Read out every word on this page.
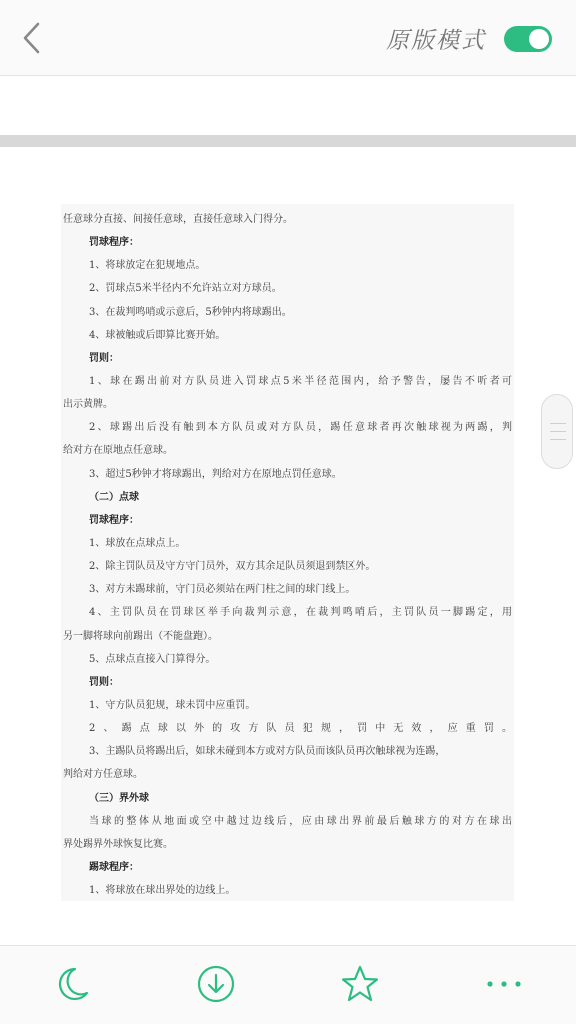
原版模式
任意球分直接、间接任意球，直接任意球入门得分。
罚球程序：
1、将球放定在犯规地点。
2、罚球点5米半径内不允许站立对方球员。
3、在裁判鸣哨或示意后，5秒钟内将球踢出。
4、球被触或后即算比赛开始。
罚则：
1、球在踢出前对方队员进入罚球点5米半径范围内，给予警告，屡告不听者可
出示黄牌。
2、球踢出后没有触到本方队员或对方队员，踢任意球者再次触球视为两踢，判
给对方在原地点任意球。
3、超过5秒钟才将球踢出，判给对方在原地点罚任意球。
（二）点球
罚球程序：
1、球放在点球点上。
2、除主罚队员及守方守门员外，双方其余足队员须退到禁区外。
3、对方未踢球前，守门员必须站在两门柱之间的球门线上。
4、主罚队员在罚球区举手向裁判示意，在裁判鸣哨后，主罚队员一脚踢定，用
另一脚将球向前踢出（不能盘跑）。
5、点球点直接入门算得分。
罚则：
1、守方队员犯规，球未罚中应重罚。
2、踢点球以外的攻方队员犯规，罚中无效，应重罚。
3、主踢队员将踢出后，如球未碰到本方或对方队员而该队员再次触球视为连踢，
判给对方任意球。
（三）界外球
当球的整体从地面或空中越过边线后，应由球出界前最后触球方的对方在球出
界处踢界外球恢复比赛。
踢球程序：
1、将球放在球出界处的边线上。
